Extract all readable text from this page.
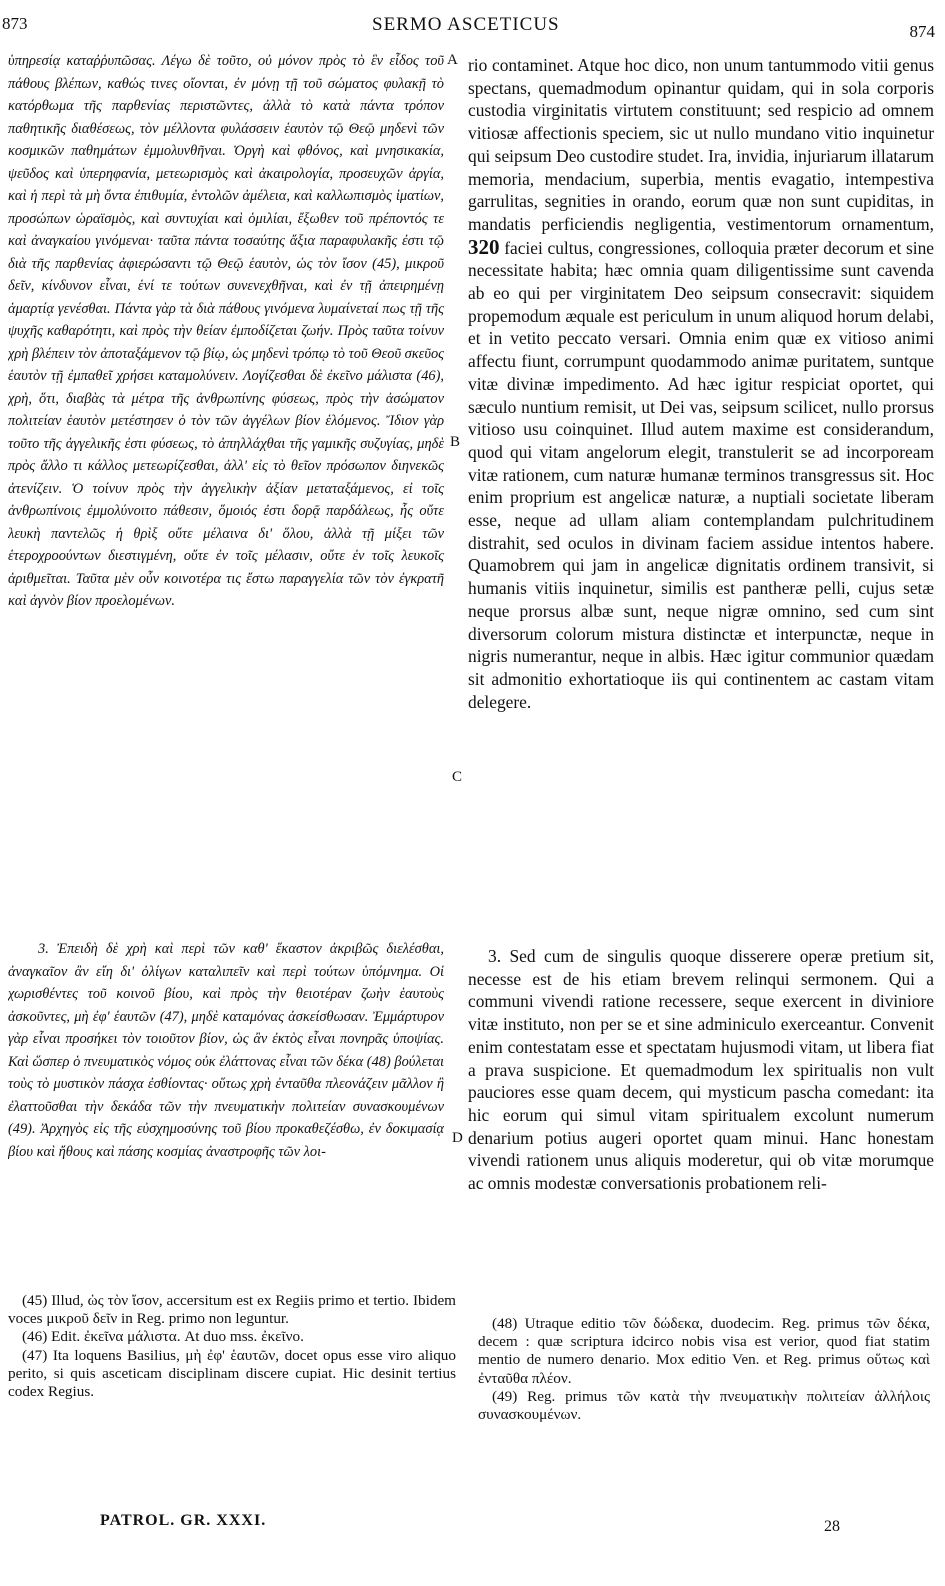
873	SERMO ASCETICUS	874

ὑπηρεσίᾳ καταῤῥυπῶσας. Λέγω δὲ τοῦτο, οὐ μόνον πρὸς τὸ ἓν εἶδος τοῦ πάθους βλέπων, καθώς τινες οἴονται, ἐν μόνῃ τῇ τοῦ σώματος φυλακῇ τὸ κατόρθωμα τῆς παρθενίας περιστῶντες, ἀλλὰ τὸ κατὰ πάντα τρόπον παθητικῆς διαθέσεως, τὸν μέλλοντα φυλάσσειν ἑαυτὸν τῷ Θεῷ μηδενὶ τῶν κοσμικῶν παθημάτων ἐμμολυνθῆναι. Ὀργὴ καὶ φθόνος, καὶ μνησικακία, ψεῦδος καὶ ὑπερηφανία, μετεωρισμὸς καὶ ἀκαιρολογία, προσευχῶν ἀργία, καὶ ἡ περὶ τὰ μὴ ὄντα ἐπιθυμία, ἐντολῶν ἀμέλεια, καὶ καλλωπισμὸς ἱματίων, προσώπων ὡραϊσμὸς, καὶ συντυχίαι καὶ ὁμιλίαι, ἔξωθεν τοῦ πρέποντός τε καὶ ἀναγκαίου γινόμεναι· ταῦτα πάντα τοσαύτης ἄξια παραφυλακῆς ἐστι τῷ διὰ τῆς παρθενίας ἀφιερώσαντι τῷ Θεῷ ἑαυτὸν, ὡς τὸν ἴσον (45), μικροῦ δεῖν, κίνδυνον εἶναι, ἑνί τε τούτων συνενεχθῆναι, καὶ ἐν τῇ ἀπειρημένῃ ἁμαρτίᾳ γενέσθαι. Πάντα γὰρ τὰ διὰ πάθους γινόμενα λυμαίνεταί πως τῇ τῆς ψυχῆς καθαρότητι, καὶ πρὸς τὴν θείαν ἐμποδίζεται ζωήν. Πρὸς ταῦτα τοίνυν χρὴ βλέπειν τὸν ἀποταξάμενον τῷ βίῳ, ὡς μηδενὶ τρόπῳ τὸ τοῦ Θεοῦ σκεῦος ἑαυτὸν τῇ ἐμπαθεῖ χρήσει καταμολύνειν. Λογίζεσθαι δὲ ἐκεῖνο μάλιστα (46), χρὴ, ὅτι, διαβὰς τὰ μέτρα τῆς ἀνθρωπίνης φύσεως, πρὸς τὴν ἀσώματον πολιτείαν ἑαυτὸν μετέστησεν ὁ τὸν τῶν ἀγγέλων βίον ἑλόμενος. Ἴδιον γὰρ τοῦτο τῆς ἀγγελικῆς ἐστι φύσεως, τὸ ἀπηλλάχθαι τῆς γαμικῆς συζυγίας, μηδὲ πρὸς ἄλλο τι κάλλος μετεωρίζεσθαι, ἀλλ' εἰς τὸ θεῖον πρόσωπον διηνεκῶς ἀτενίζειν. Ὁ τοίνυν πρὸς τὴν ἀγγελικὴν ἀξίαν μεταταξάμενος, εἰ τοῖς ἀνθρωπίνοις ἐμμολύνοιτο πάθεσιν, ὅμοιός ἐστι δορᾷ παρδάλεως, ἧς οὔτε λευκὴ παντελῶς ἡ θρὶξ οὔτε μέλαινα δι' ὅλου, ἀλλὰ τῇ μίξει τῶν ἑτεροχροούντων διεστιγμένη, οὔτε ἐν τοῖς μέλασιν, οὔτε ἐν τοῖς λευκοῖς ἀριθμεῖται. Ταῦτα μὲν οὖν κοινοτέρα τις ἔστω παραγγελία τῶν τὸν ἐγκρατῆ καὶ ἁγνὸν βίον προελομένων.

3. Ἐπειδὴ δὲ χρὴ καὶ περὶ τῶν καθ' ἕκαστον ἀκριβῶς διελέσθαι, ἀναγκαῖον ἂν εἴη δι' ὀλίγων καταλιπεῖν καὶ περὶ τούτων ὑπόμνημα. Οἱ χωρισθέντες τοῦ κοινοῦ βίου, καὶ πρὸς τὴν θειοτέραν ζωὴν ἑαυτοὺς ἀσκοῦντες, μὴ ἐφ' ἑαυτῶν (47), μηδὲ καταμόνας ἀσκείσθωσαν. Ἐμμάρτυρον γὰρ εἶναι προσήκει τὸν τοιοῦτον βίον, ὡς ἂν ἐκτὸς εἶναι πονηρᾶς ὑποψίας. Καὶ ὥσπερ ὁ πνευματικὸς νόμος οὐκ ἐλάττονας εἶναι τῶν δέκα (48) βούλεται τοὺς τὸ μυστικὸν πάσχα ἐσθίοντας· οὕτως χρὴ ἐνταῦθα πλεονάζειν μᾶλλον ἢ ἐλαττοῦσθαι τὴν δεκάδα τῶν τὴν πνευματικὴν πολιτείαν συνασκουμένων (49). Ἀρχηγὸς εἰς τῆς εὐσχημοσύνης τοῦ βίου προκαθεζέσθω, ἐν δοκιμασίᾳ βίου καὶ ἤθους καὶ πάσης κοσμίας ἀναστροφῆς τῶν λοι-

A
B
C
D

rio contaminet. Atque hoc dico, non unum tantummodo vitii genus spectans, quemadmodum opinantur quidam, qui in sola corporis custodia virginitatis virtutem constituunt; sed respicio ad omnem vitiosæ affectionis speciem, sic ut nullo mundano vitio inquinetur qui seipsum Deo custodire studet. Ira, invidia, injuriarum illatarum memoria, mendacium, superbia, mentis evagatio, intempestiva garrulitas, segnities in orando, eorum quæ non sunt cupiditas, in mandatis perficiendis negligentia, vestimentorum ornamentum, 320 faciei cultus, congressiones, colloquia præter decorum et sine necessitate habita; hæc omnia quam diligentissime sunt cavenda ab eo qui per virginitatem Deo seipsum consecravit: siquidem propemodum æquale est periculum in unum aliquod horum delabi, et in vetito peccato versari. Omnia enim quæ ex vitioso animi affectu fiunt, corrumpunt quodammodo animæ puritatem, suntque vitæ divinæ impedimento. Ad hæc igitur respiciat oportet, qui sæculo nuntium remisit, ut Dei vas, seipsum scilicet, nullo prorsus vitioso usu coinquinet. Illud autem maxime est considerandum, quod qui vitam angelorum elegit, transtulerit se ad incorpoream vitæ rationem, cum naturæ humanæ terminos transgressus sit. Hoc enim proprium est angelicæ naturæ, a nuptiali societate liberam esse, neque ad ullam aliam contemplandam pulchritudinem distrahit, sed oculos in divinam faciem assidue intentos habere. Quamobrem qui jam in angelicæ dignitatis ordinem transivit, si humanis vitiis inquinetur, similis est pantheræ pelli, cujus setæ neque prorsus albæ sunt, neque nigræ omnino, sed cum sint diversorum colorum mistura distinctæ et interpunctæ, neque in nigris numerantur, neque in albis. Hæc igitur communior quædam sit admonitio exhortatioque iis qui continentem ac castam vitam delegere.

3. Sed cum de singulis quoque disserere operæ pretium sit, necesse est de his etiam brevem relinqui sermonem. Qui a communi vivendi ratione recessere, seque exercent in diviniore vitæ instituto, non per se et sine adminiculo exerceantur. Convenit enim contestatam esse et spectatam hujusmodi vitam, ut libera fiat a prava suspicione. Et quemadmodum lex spiritualis non vult pauciores esse quam decem, qui mysticum pascha comedant: ita hic eorum qui simul vitam spiritualem excolunt numerum denarium potius augeri oportet quam minui. Hanc honestam vivendi rationem unus aliquis moderetur, qui ob vitæ morumque ac omnis modestæ conversationis probationem reli-

(45) Illud, ὡς τὸν ἴσον, accersitum est ex Regiis primo et tertio. Ibidem voces μικροῦ δεῖν in Reg. primo non leguntur.

(46) Edit. ἐκεῖνα μάλιστα. At duo mss. ἐκεῖνο.

(47) Ita loquens Basilius, μὴ ἐφ' ἑαυτῶν, docet opus esse viro aliquo perito, si quis asceticam disciplinam discere cupiat. Hic desinit tertius codex Regius.

(48) Utraque editio τῶν δώδεκα, duodecim. Reg. primus τῶν δέκα, decem : quæ scriptura idcirco nobis visa est verior, quod fiat statim mentio de numero denario. Mox editio Ven. et Reg. primus οὕτως καὶ ἐνταῦθα πλέον.

(49) Reg. primus τῶν κατὰ τὴν πνευματικὴν πολιτείαν ἀλλήλοις συνασκουμένων.

PATROL. GR. XXXI.	28
